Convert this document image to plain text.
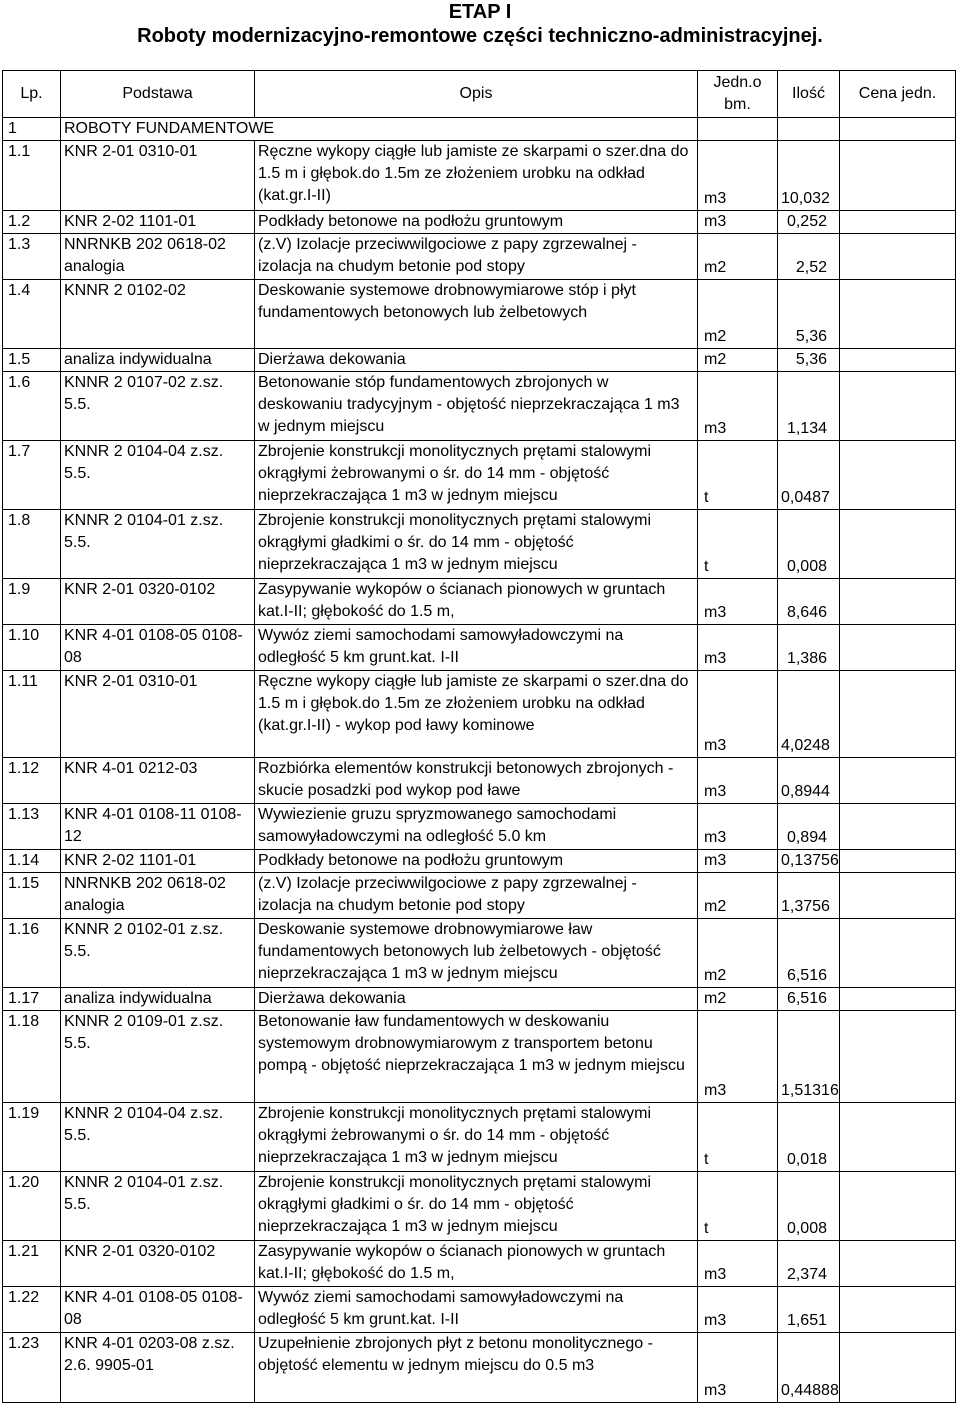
ETAP I
Roboty modernizacyjno-remontowe części techniczno-administracyjnej.
Lp.	Podstawa	Opis	Jedn.o bm.	Ilość	Cena jedn.
1	ROBOTY FUNDAMENTOWE				
1.1	KNR 2-01 0310-01	Ręczne wykopy ciągłe lub jamiste ze skarpami o szer.dna do 1.5 m i głębok.do 1.5m ze złożeniem urobku na odkład (kat.gr.I-II)	m3	10,032	
1.2	KNR 2-02 1101-01	Podkłady betonowe na podłożu gruntowym	m3	0,252	
1.3	NNRNKB 202 0618-02 analogia	(z.V) Izolacje przeciwwilgociowe z papy zgrzewalnej - izolacja na chudym betonie pod stopy	m2	2,52	
1.4	KNNR 2 0102-02	Deskowanie systemowe drobnowymiarowe stóp i płyt fundamentowych betonowych lub żelbetowych	m2	5,36	
1.5	analiza indywidualna	Dierżawa dekowania	m2	5,36	
1.6	KNNR 2 0107-02 z.sz. 5.5.	Betonowanie stóp fundamentowych zbrojonych w deskowaniu tradycyjnym - objętość nieprzekraczająca 1 m3 w jednym miejscu	m3	1,134	
1.7	KNNR 2 0104-04 z.sz. 5.5.	Zbrojenie konstrukcji monolitycznych prętami stalowymi okrągłymi żebrowanymi o śr. do 14 mm - objętość nieprzekraczająca 1 m3 w jednym miejscu	t	0,0487	
1.8	KNNR 2 0104-01 z.sz. 5.5.	Zbrojenie konstrukcji monolitycznych prętami stalowymi okrągłymi gładkimi o śr. do 14 mm - objętość nieprzekraczająca 1 m3 w jednym miejscu	t	0,008	
1.9	KNR 2-01 0320-0102	Zasypywanie wykopów o ścianach pionowych w gruntach kat.I-II; głębokość do 1.5 m,	m3	8,646	
1.10	KNR 4-01 0108-05 0108-08	Wywóz ziemi samochodami samowyładowczymi na odległość 5 km grunt.kat. I-II	m3	1,386	
1.11	KNR 2-01 0310-01	Ręczne wykopy ciągłe lub jamiste ze skarpami o szer.dna do 1.5 m i głębok.do 1.5m ze złożeniem urobku na odkład (kat.gr.I-II) - wykop pod ławy kominowe	m3	4,0248	
1.12	KNR 4-01 0212-03	Rozbiórka elementów konstrukcji betonowych zbrojonych - skucie posadzki pod wykop pod ławe	m3	0,8944	
1.13	KNR 4-01 0108-11 0108-12	Wywiezienie gruzu spryzmowanego samochodami samowyładowczymi na odległość 5.0 km	m3	0,894	
1.14	KNR 2-02 1101-01	Podkłady betonowe na podłożu gruntowym	m3	0,13756	
1.15	NNRNKB 202 0618-02 analogia	(z.V) Izolacje przeciwwilgociowe z papy zgrzewalnej - izolacja na chudym betonie pod stopy	m2	1,3756	
1.16	KNNR 2 0102-01 z.sz. 5.5.	Deskowanie systemowe drobnowymiarowe ław fundamentowych betonowych lub żelbetowych - objętość nieprzekraczająca 1 m3 w jednym miejscu	m2	6,516	
1.17	analiza indywidualna	Dierżawa dekowania	m2	6,516	
1.18	KNNR 2 0109-01 z.sz. 5.5.	Betonowanie ław fundamentowych w deskowaniu systemowym drobnowymiarowym z transportem betonu pompą - objętość nieprzekraczająca 1 m3 w jednym miejscu	m3	1,51316	
1.19	KNNR 2 0104-04 z.sz. 5.5.	Zbrojenie konstrukcji monolitycznych prętami stalowymi okrągłymi żebrowanymi o śr. do 14 mm - objętość nieprzekraczająca 1 m3 w jednym miejscu	t	0,018	
1.20	KNNR 2 0104-01 z.sz. 5.5.	Zbrojenie konstrukcji monolitycznych prętami stalowymi okrągłymi gładkimi o śr. do 14 mm - objętość nieprzekraczająca 1 m3 w jednym miejscu	t	0,008	
1.21	KNR 2-01 0320-0102	Zasypywanie wykopów o ścianach pionowych w gruntach kat.I-II; głębokość do 1.5 m,	m3	2,374	
1.22	KNR 4-01 0108-05 0108-08	Wywóz ziemi samochodami samowyładowczymi na odległość 5 km grunt.kat. I-II	m3	1,651	
1.23	KNR 4-01 0203-08 z.sz. 2.6. 9905-01	Uzupełnienie zbrojonych płyt z betonu monolitycznego - objętość elementu w jednym miejscu do 0.5 m3	m3	0,44888	
